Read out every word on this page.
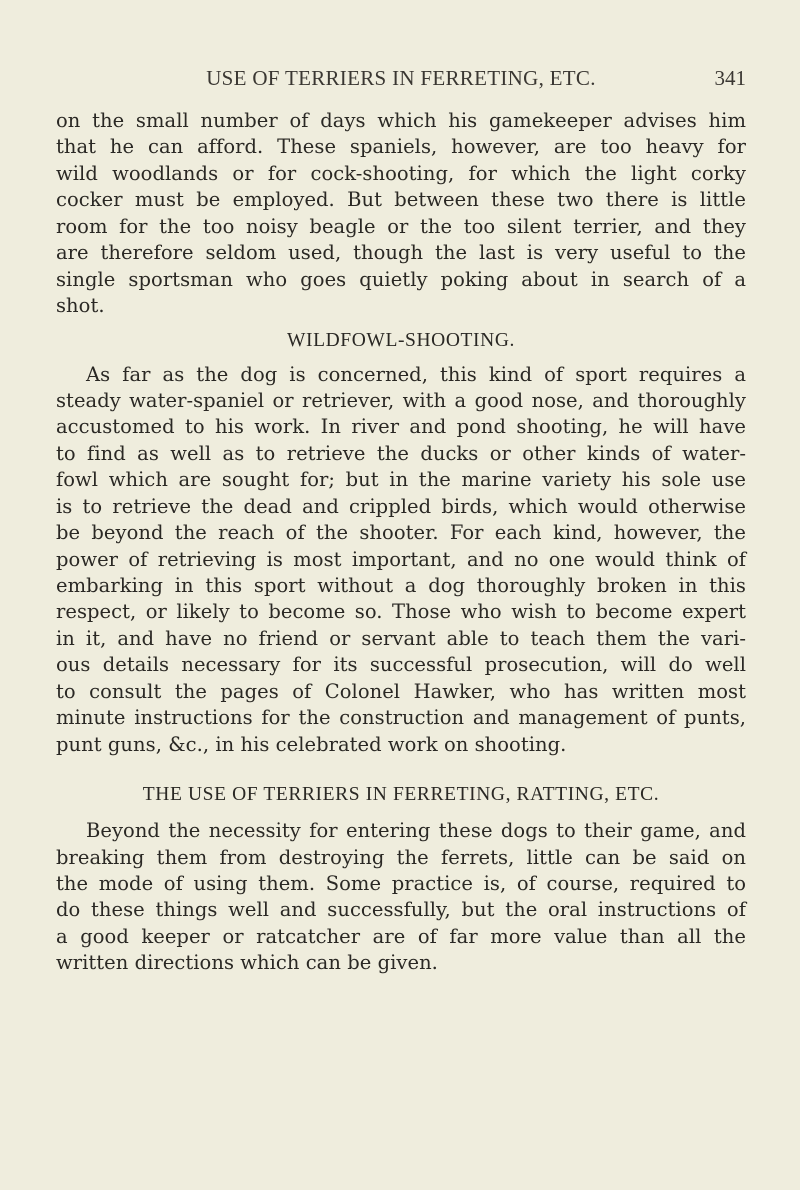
USE OF TERRIERS IN FERRETING, ETC.	341
on the small number of days which his gamekeeper advises him
that he can afford. These spaniels, however, are too heavy for
wild woodlands or for cock-shooting, for which the light corky
cocker must be employed. But between these two there is little
room for the too noisy beagle or the too silent terrier, and they
are therefore seldom used, though the last is very useful to the
single sportsman who goes quietly poking about in search of a
shot.
WILDFOWL-SHOOTING.
As far as the dog is concerned, this kind of sport requires a
steady water-spaniel or retriever, with a good nose, and thoroughly
accustomed to his work. In river and pond shooting, he will have
to find as well as to retrieve the ducks or other kinds of water-
fowl which are sought for; but in the marine variety his sole use
is to retrieve the dead and crippled birds, which would otherwise
be beyond the reach of the shooter. For each kind, however, the
power of retrieving is most important, and no one would think of
embarking in this sport without a dog thoroughly broken in this
respect, or likely to become so. Those who wish to become expert
in it, and have no friend or servant able to teach them the vari-
ous details necessary for its successful prosecution, will do well
to consult the pages of Colonel Hawker, who has written most
minute instructions for the construction and management of punts,
punt guns, &c., in his celebrated work on shooting.
THE USE OF TERRIERS IN FERRETING, RATTING, ETC.
Beyond the necessity for entering these dogs to their game, and
breaking them from destroying the ferrets, little can be said on
the mode of using them. Some practice is, of course, required to
do these things well and successfully, but the oral instructions of
a good keeper or ratcatcher are of far more value than all the
written directions which can be given.
